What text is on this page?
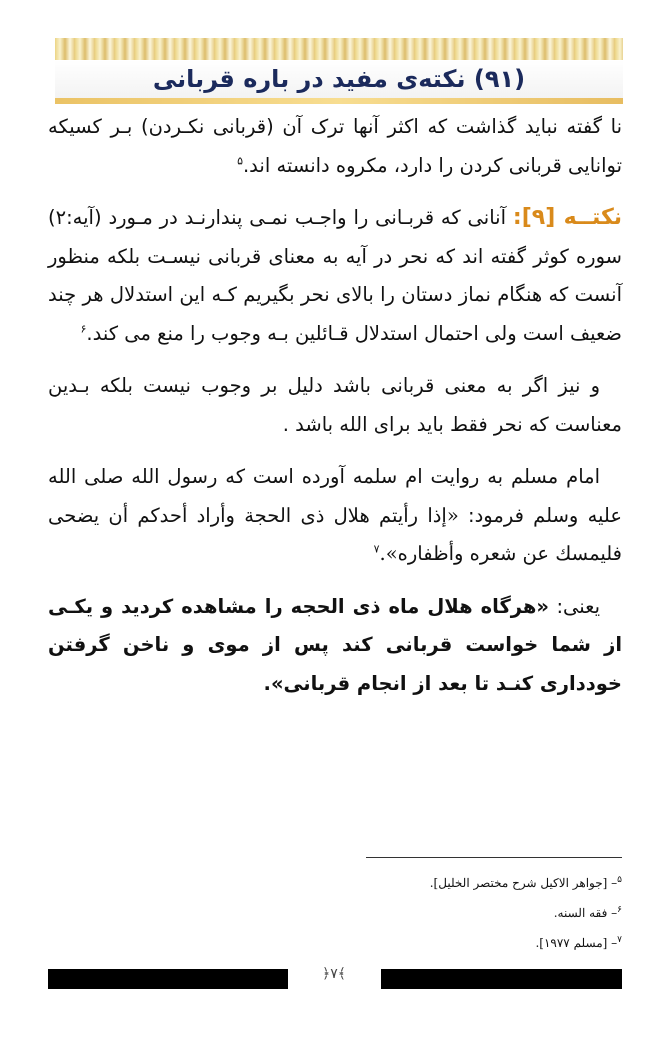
(۹۱) نکته‌ی مفید در باره قربانی

نا گفته نباید گذاشت که اکثر آنها ترک آن (قربانی نکـردن) بـر کسیکه توانایی قربانی کردن را دارد، مکروه دانسته اند.$^۵$

نکتــه [۹]: آنانی که قربـانی را واجـب نمـی پندارنـد در مـورد (آیه:۲) سوره کوثر گفته اند که نحر در آیه به معنای قربانی نیسـت بلکه منظور آنست که هنگام نماز دستان را بالای نحر بگیریم کـه این استدلال هر چند ضعیف است ولی احتمال استدلال قـائلین بـه وجوب را منع می کند.$^۶$

و نیز اگر به معنی قربانی باشد دلیل بر وجوب نیست بلکه بـدین معناست که نحر فقط باید برای الله باشد .

امام مسلم به روایت ام سلمه آورده است که رسول الله صلی الله علیه وسلم فرمود: «إذا رأيتم هلال ذى الحجة وأراد أحدكم أن يضحى فليمسك عن شعره وأظفاره».$^۷$

یعنی: «هرگاه هلال ماه ذی الحجه را مشاهده کردید و یکـی از شما خواست قربانی کند پس از موی و ناخن گرفتن خودداری کنـد تا بعد از انجام قربانی».

$^۵$– [جواهر الاكيل شرح مختصر الخليل].
$^۶$– فقه السنه.
$^۷$– [مسلم ۱۹۷۷].
﴿۷﴾
